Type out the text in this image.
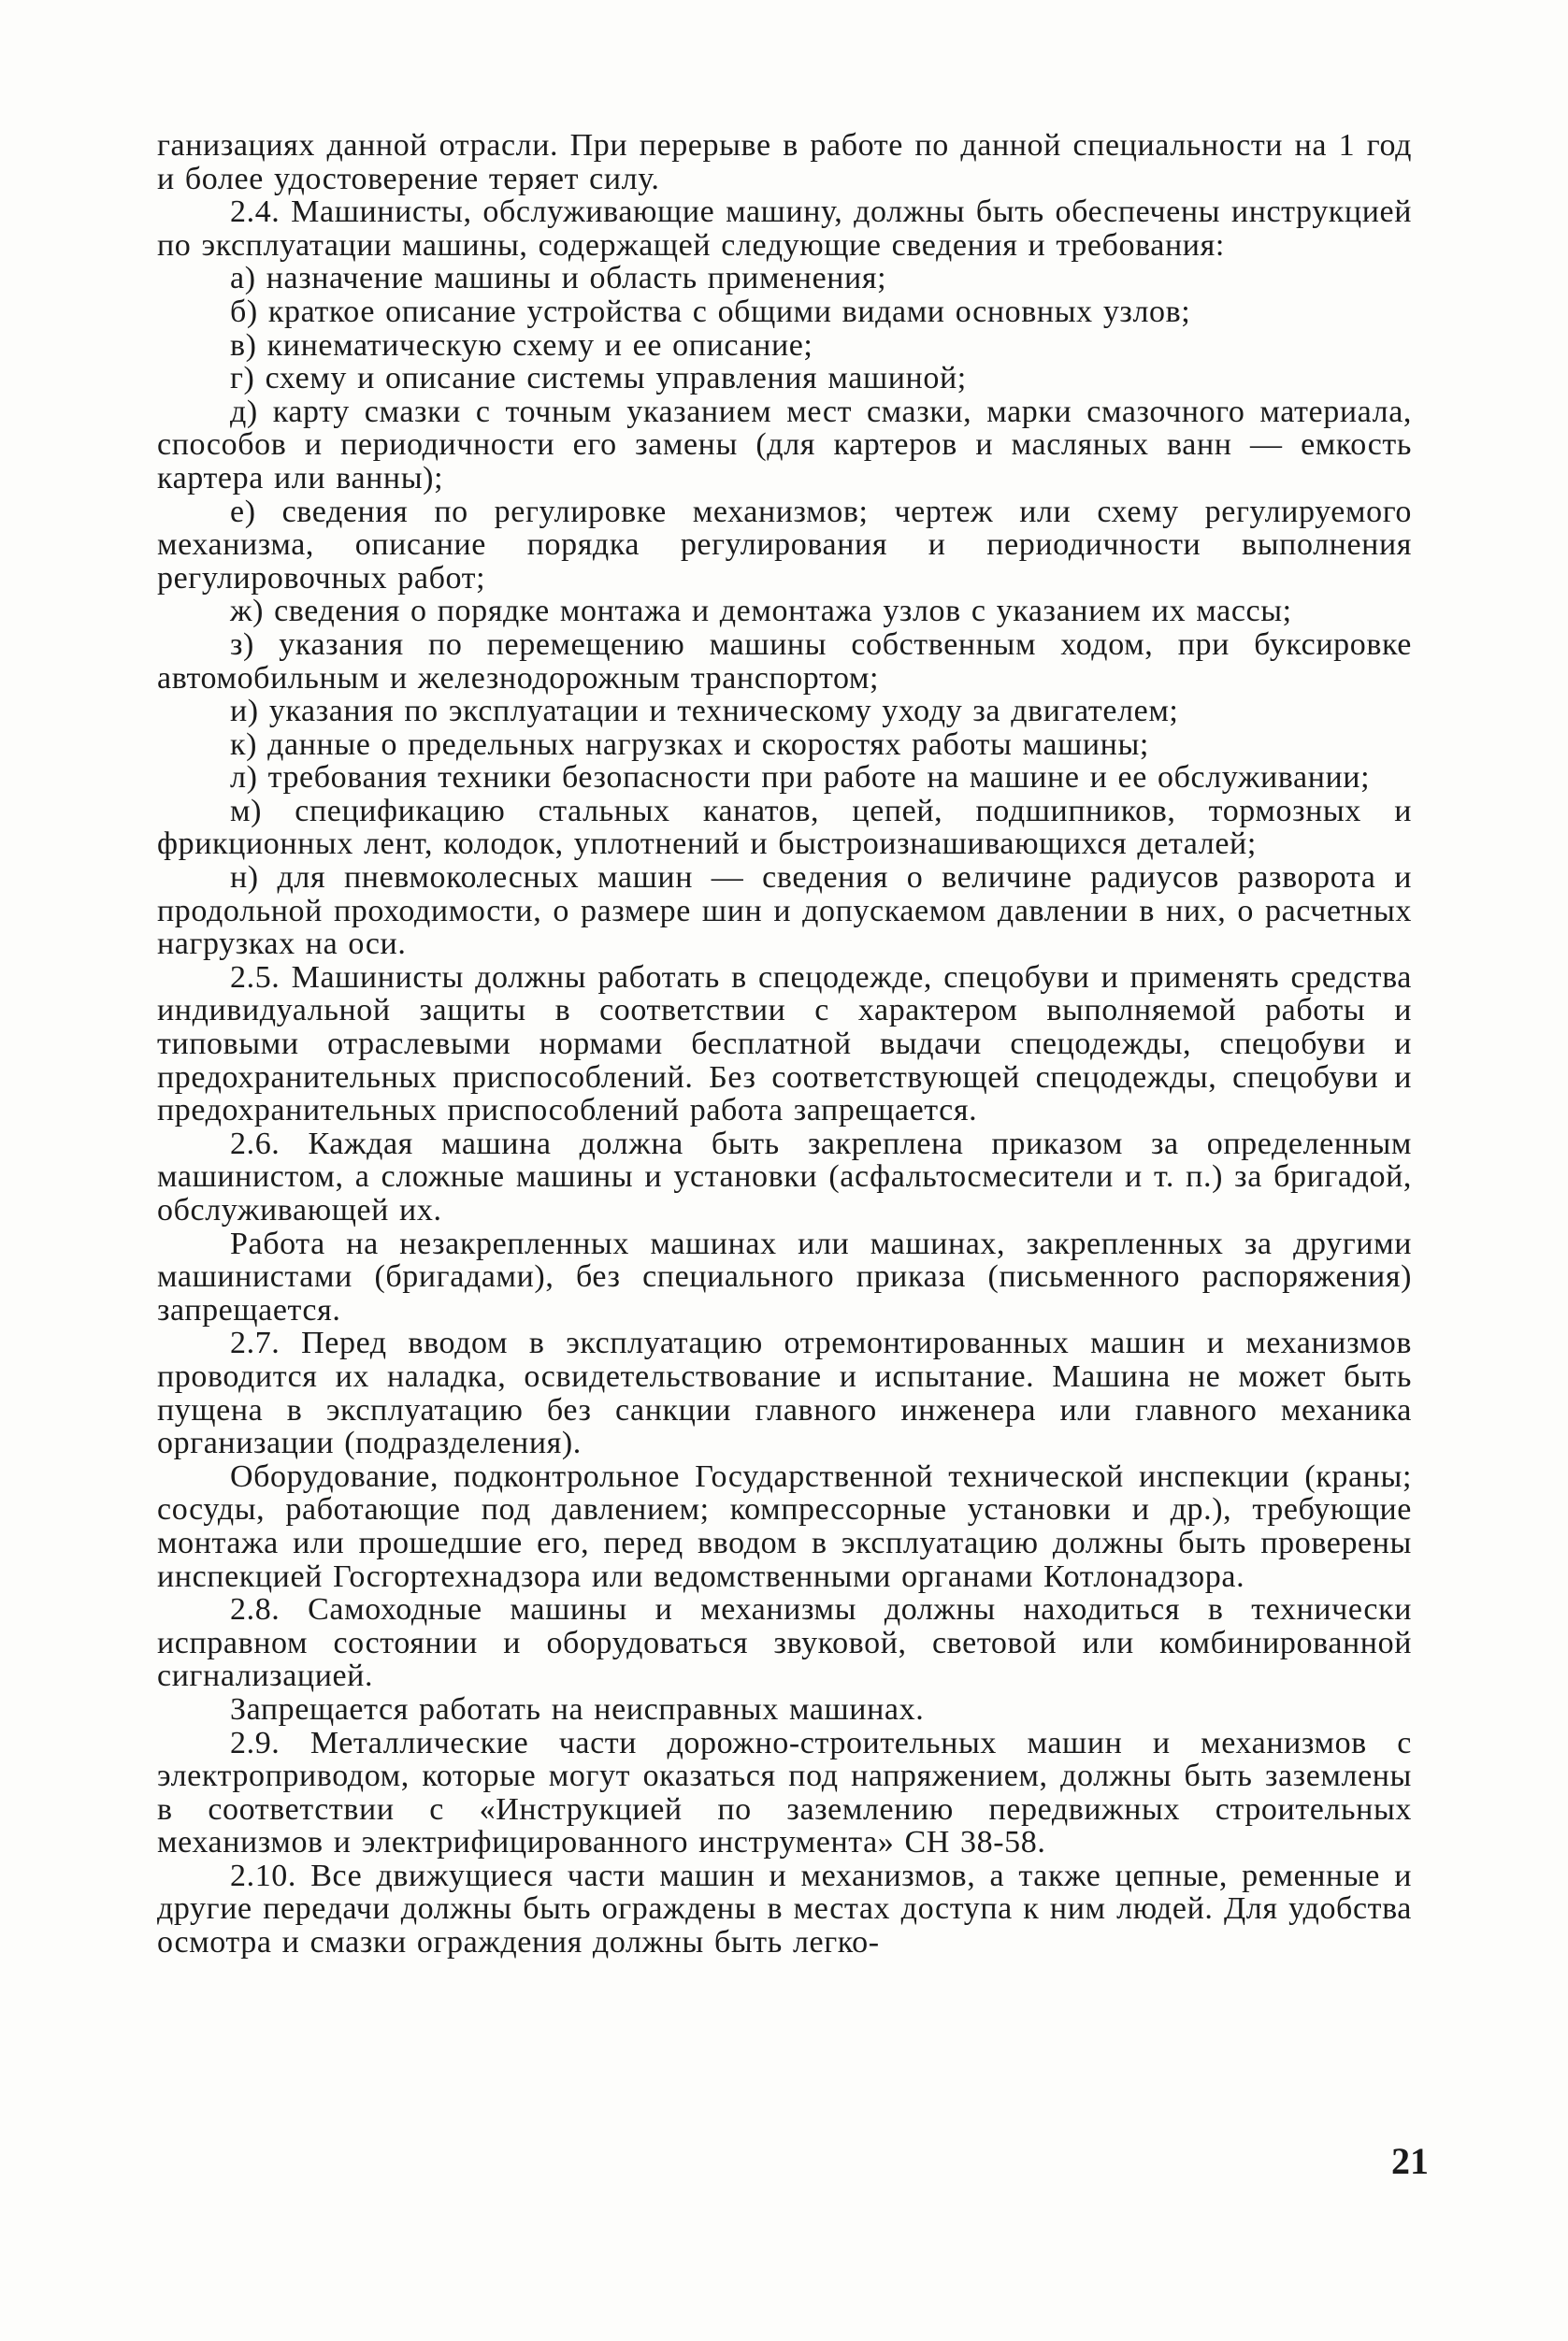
ганизациях данной отрасли. При перерыве в работе по данной специальности на 1 год и более удостоверение теряет силу.

2.4. Машинисты, обслуживающие машину, должны быть обеспечены инструкцией по эксплуатации машины, содержащей следующие сведения и требования:

а) назначение машины и область применения;

б) краткое описание устройства с общими видами основных узлов;

в) кинематическую схему и ее описание;

г) схему и описание системы управления машиной;

д) карту смазки с точным указанием мест смазки, марки смазочного материала, способов и периодичности его замены (для картеров и масляных ванн — емкость картера или ванны);

е) сведения по регулировке механизмов; чертеж или схему регулируемого механизма, описание порядка регулирования и периодичности выполнения регулировочных работ;

ж) сведения о порядке монтажа и демонтажа узлов с указанием их массы;

з) указания по перемещению машины собственным ходом, при буксировке автомобильным и железнодорожным транспортом;

и) указания по эксплуатации и техническому уходу за двигателем;

к) данные о предельных нагрузках и скоростях работы машины;

л) требования техники безопасности при работе на машине и ее обслуживании;

м) спецификацию стальных канатов, цепей, подшипников, тормозных и фрикционных лент, колодок, уплотнений и быстроизнашивающихся деталей;

н) для пневмоколесных машин — сведения о величине радиусов разворота и продольной проходимости, о размере шин и допускаемом давлении в них, о расчетных нагрузках на оси.

2.5. Машинисты должны работать в спецодежде, спецобуви и применять средства индивидуальной защиты в соответствии с характером выполняемой работы и типовыми отраслевыми нормами бесплатной выдачи спецодежды, спецобуви и предохранительных приспособлений. Без соответствующей спецодежды, спецобуви и предохранительных приспособлений работа запрещается.

2.6. Каждая машина должна быть закреплена приказом за определенным машинистом, а сложные машины и установки (асфальтосмесители и т. п.) за бригадой, обслуживающей их.

Работа на незакрепленных машинах или машинах, закрепленных за другими машинистами (бригадами), без специального приказа (письменного распоряжения) запрещается.

2.7. Перед вводом в эксплуатацию отремонтированных машин и механизмов проводится их наладка, освидетельствование и испытание. Машина не может быть пущена в эксплуатацию без санкции главного инженера или главного механика организации (подразделения).

Оборудование, подконтрольное Государственной технической инспекции (краны; сосуды, работающие под давлением; компрессорные установки и др.), требующие монтажа или прошедшие его, перед вводом в эксплуатацию должны быть проверены инспекцией Госгортехнадзора или ведомственными органами Котлонадзора.

2.8. Самоходные машины и механизмы должны находиться в технически исправном состоянии и оборудоваться звуковой, световой или комбинированной сигнализацией.

Запрещается работать на неисправных машинах.

2.9. Металлические части дорожно-строительных машин и механизмов с электроприводом, которые могут оказаться под напряжением, должны быть заземлены в соответствии с «Инструкцией по заземлению передвижных строительных механизмов и электрифицированного инструмента» СН 38-58.

2.10. Все движущиеся части машин и механизмов, а также цепные, ременные и другие передачи должны быть ограждены в местах доступа к ним людей. Для удобства осмотра и смазки ограждения должны быть легко-

21
